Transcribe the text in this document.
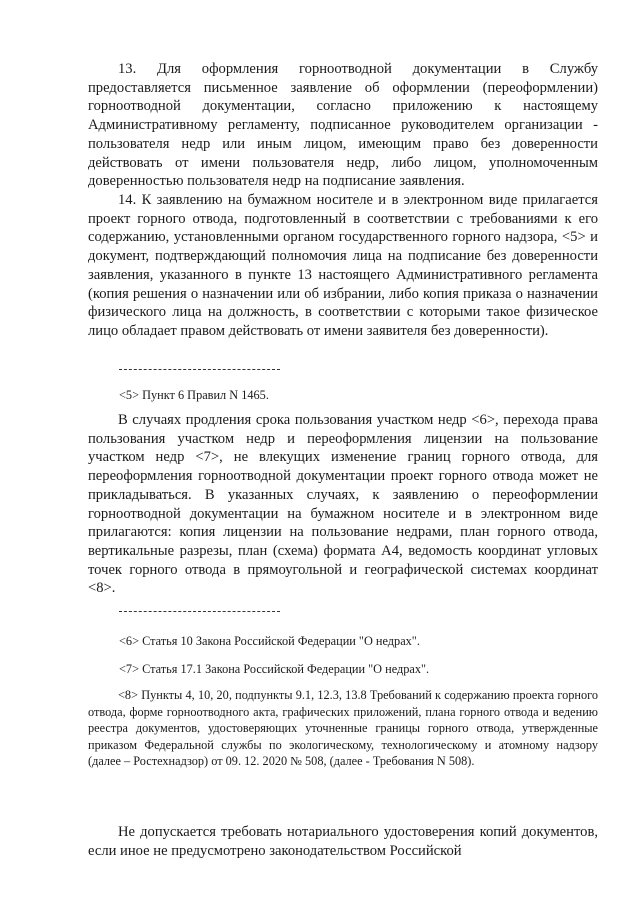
13. Для оформления горноотводной документации в Службу предоставляется письменное заявление об оформлении (переоформлении) горноотводной документации, согласно приложению к настоящему Административному регламенту, подписанное руководителем организации - пользователя недр или иным лицом, имеющим право без доверенности действовать от имени пользователя недр, либо лицом, уполномоченным доверенностью пользователя недр на подписание заявления.

14. К заявлению на бумажном носителе и в электронном виде прилагается проект горного отвода, подготовленный в соответствии с требованиями к его содержанию, установленными органом государственного горного надзора, <5> и документ, подтверждающий полномочия лица на подписание без доверенности заявления, указанного в пункте 13 настоящего Административного регламента (копия решения о назначении или об избрании, либо копия приказа о назначении физического лица на должность, в соответствии с которыми такое физическое лицо обладает правом действовать от имени заявителя без доверенности).

<5> Пункт 6 Правил N 1465.

В случаях продления срока пользования участком недр <6>, перехода права пользования участком недр и переоформления лицензии на пользование участком недр <7>, не влекущих изменение границ горного отвода, для переоформления горноотводной документации проект горного отвода может не прикладываться. В указанных случаях, к заявлению о переоформлении горноотводной документации на бумажном носителе и в электронном виде прилагаются: копия лицензии на пользование недрами, план горного отвода, вертикальные разрезы, план (схема) формата А4, ведомость координат угловых точек горного отвода в прямоугольной и географической системах координат <8>.

<6> Статья 10 Закона Российской Федерации "О недрах".

<7> Статья 17.1 Закона Российской Федерации "О недрах".

<8> Пункты 4, 10, 20, подпункты 9.1, 12.3, 13.8 Требований к содержанию проекта горного отвода, форме горноотводного акта, графических приложений, плана горного отвода и ведению реестра документов, удостоверяющих уточненные границы горного отвода, утвержденные приказом Федеральной службы по экологическому, технологическому и атомному надзору (далее – Ростехнадзор) от 09. 12. 2020 № 508, (далее - Требования N 508).

Не допускается требовать нотариального удостоверения копий документов, если иное не предусмотрено законодательством Российской
